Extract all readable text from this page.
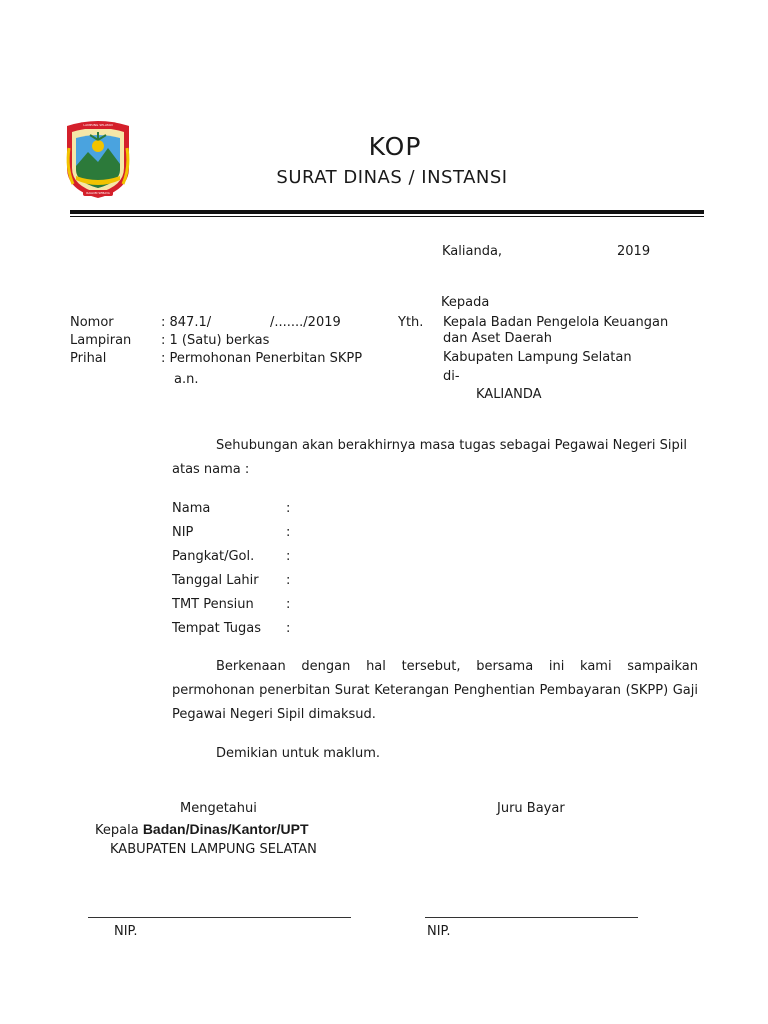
LAMPUNG SELATAN
RAGOM SEBAYA
KOP
SURAT DINAS / INSTANSI
Kalianda,	2019
Nomor	: 847.1/	/......./2019
Lampiran : 1 (Satu) berkas
Prihal	: Permohonan Penerbitan SKPP
a.n.
Kepada
Yth. Kepala Badan Pengelola Keuangan
dan Aset Daerah
Kabupaten Lampung Selatan
di-
KALIANDA
Sehubungan akan berakhirnya masa tugas sebagai Pegawai Negeri Sipil
atas nama :
Nama	:
NIP	:
Pangkat/Gol. :
Tanggal Lahir :
TMT Pensiun :
Tempat Tugas :
Berkenaan dengan hal tersebut, bersama ini kami sampaikan permohonan penerbitan Surat Keterangan Penghentian Pembayaran (SKPP) Gaji Pegawai Negeri Sipil dimaksud.
Demikian untuk maklum.
Mengetahui
Kepala Badan/Dinas/Kantor/UPT
KABUPATEN LAMPUNG SELATAN
Juru Bayar
NIP.	NIP.
